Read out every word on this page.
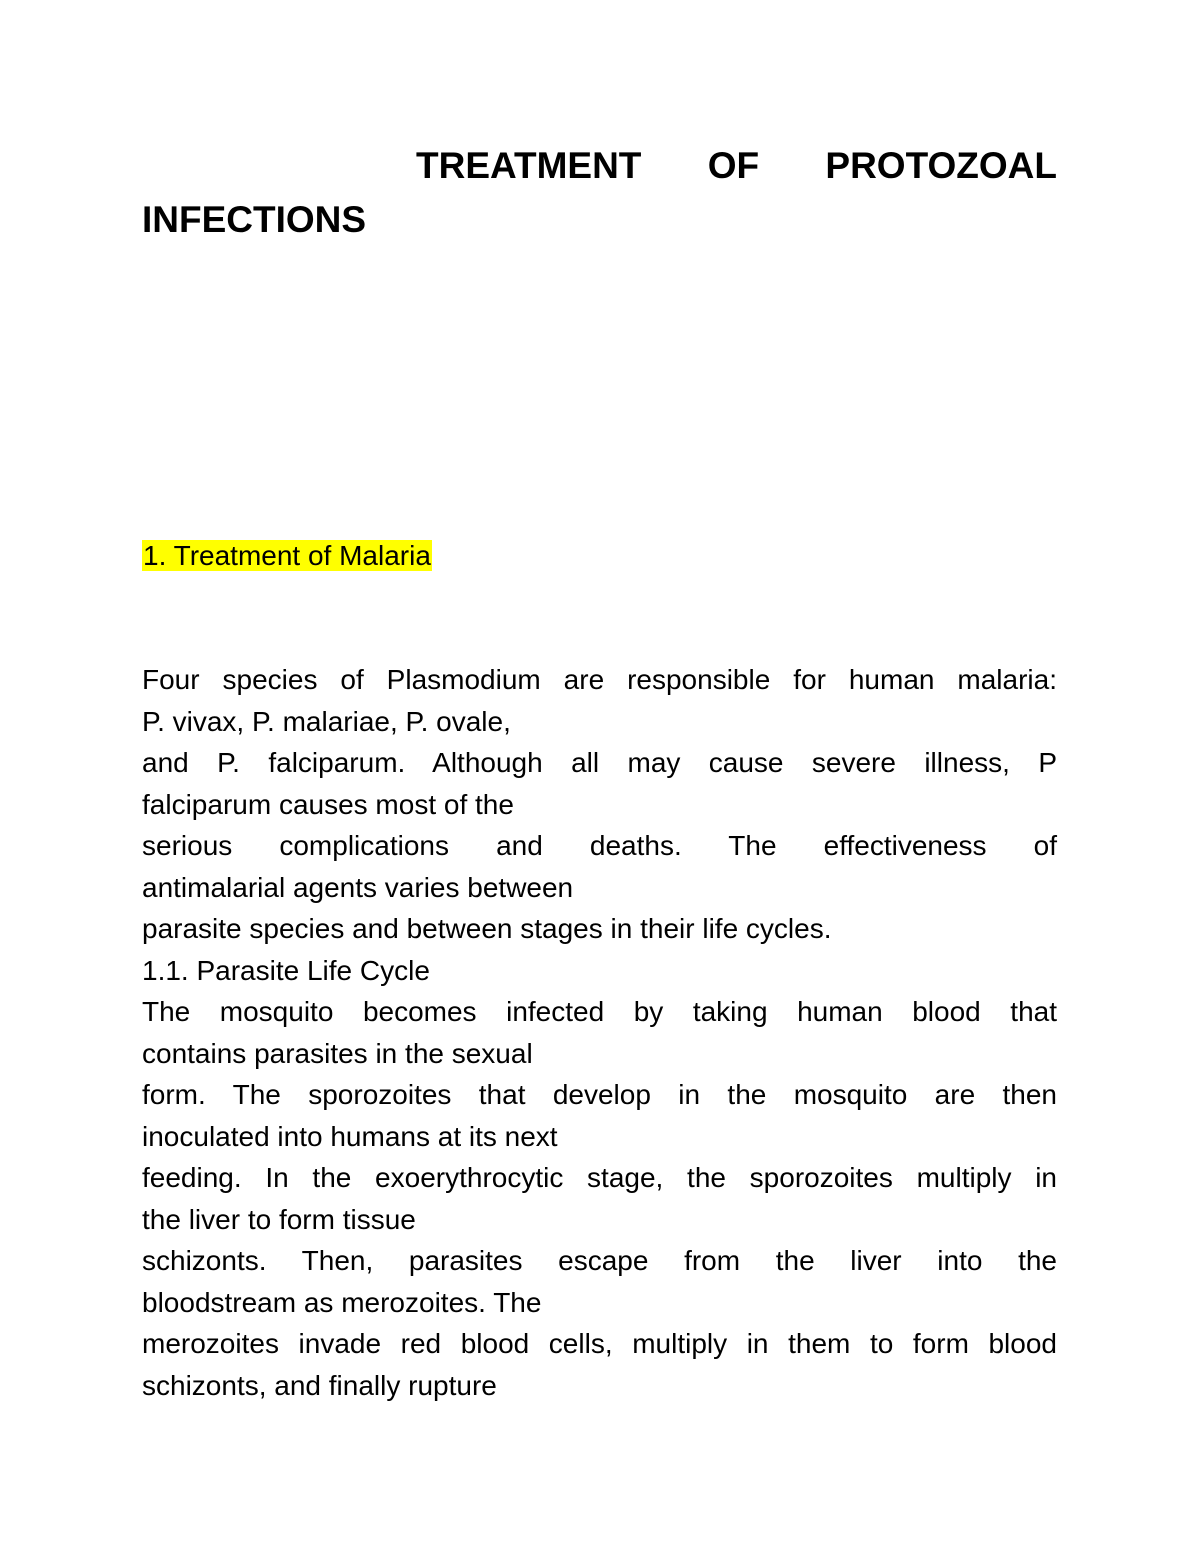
TREATMENT OF PROTOZOAL INFECTIONS
1. Treatment of Malaria

Four species of Plasmodium are responsible for human malaria:

P. vivax, P. malariae, P. ovale,

and P. falciparum. Although all may cause severe illness, P

falciparum causes most of the

serious complications and deaths. The effectiveness of

antimalarial agents varies between

parasite species and between stages in their life cycles.

1.1. Parasite Life Cycle

The mosquito becomes infected by taking human blood that

contains parasites in the sexual

form. The sporozoites that develop in the mosquito are then

inoculated into humans at its next

feeding. In the exoerythrocytic stage, the sporozoites multiply in

the liver to form tissue

schizonts. Then, parasites escape from the liver into the

bloodstream as merozoites. The

merozoites invade red blood cells, multiply in them to form blood

schizonts, and finally rupture
